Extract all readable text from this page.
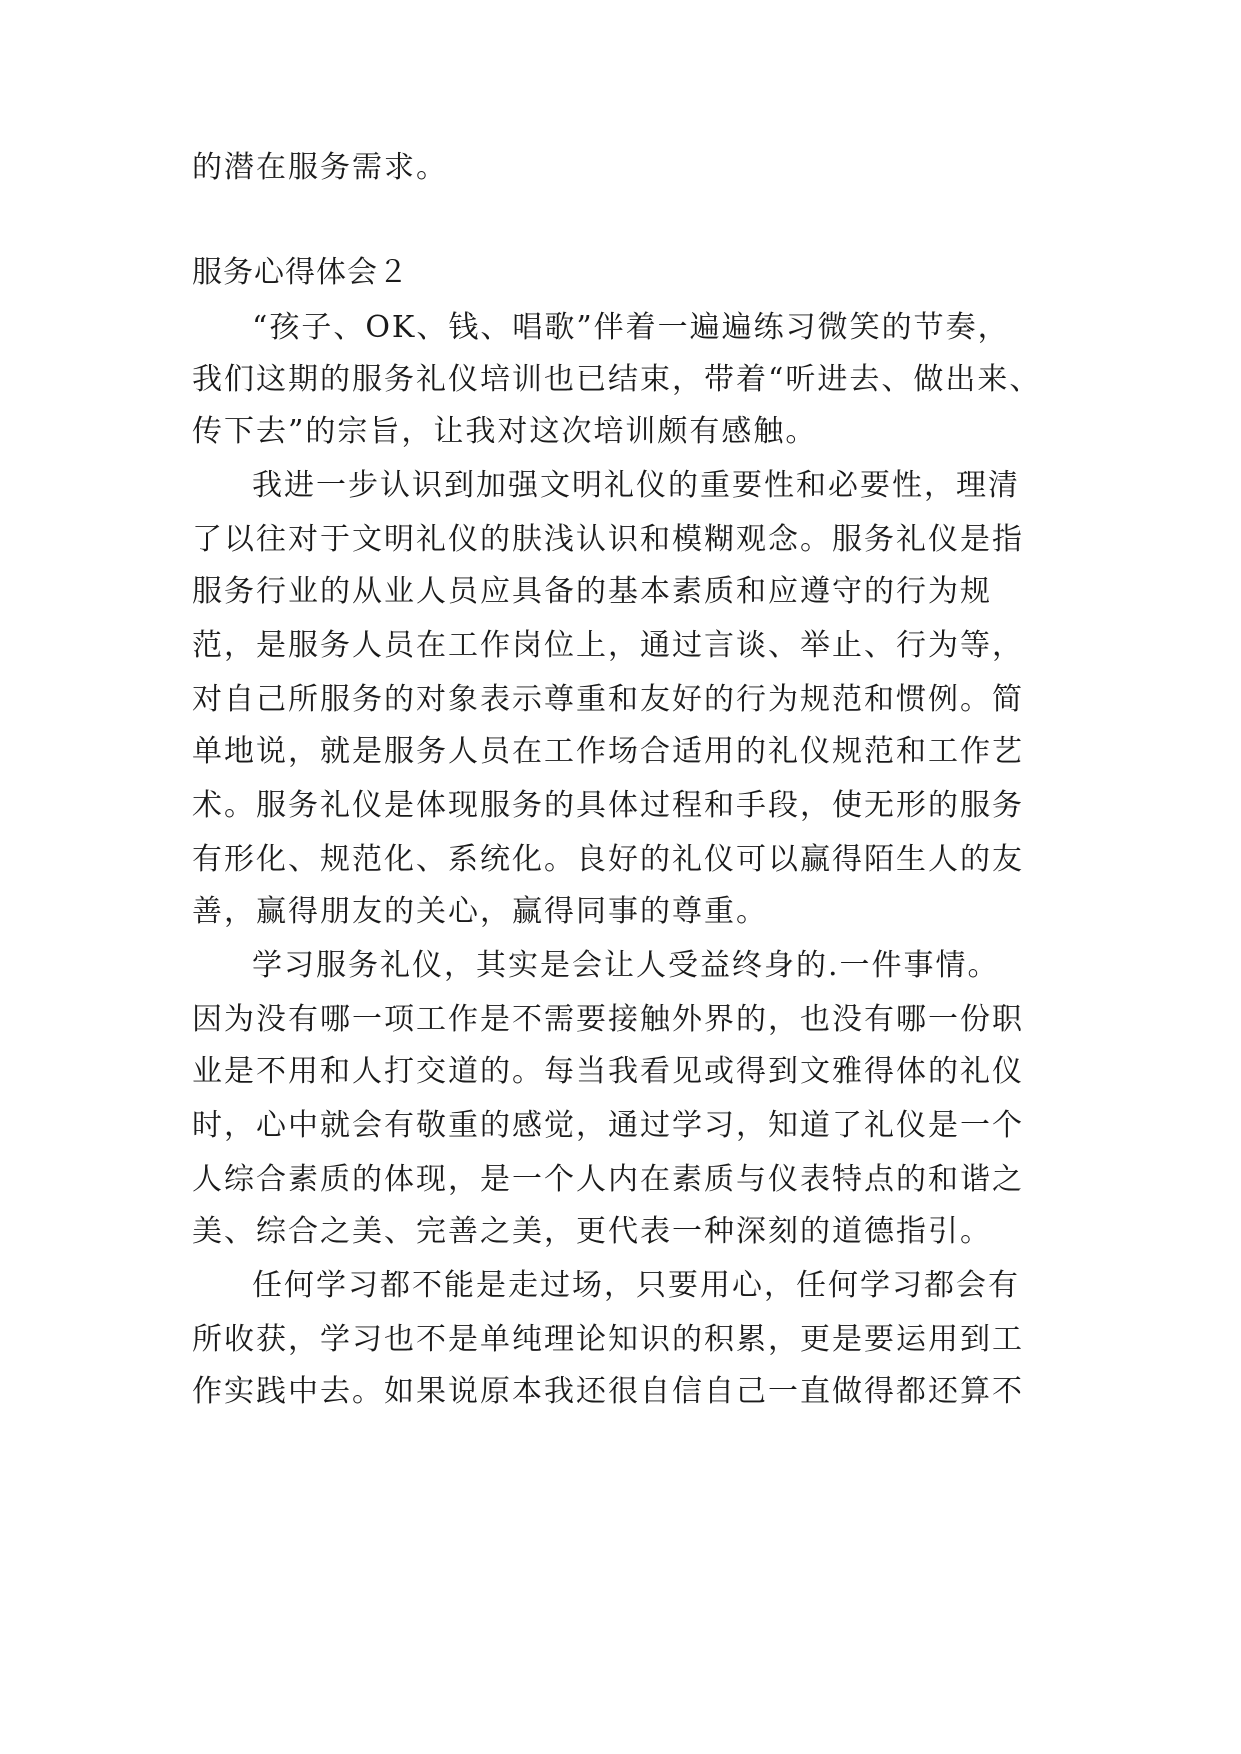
的潜在服务需求。
服务心得体会２
“孩子、OK、钱、唱歌”伴着一遍遍练习微笑的节奏，
我们这期的服务礼仪培训也已结束，带着“听进去、做出来、
传下去”的宗旨，让我对这次培训颇有感触。
我进一步认识到加强文明礼仪的重要性和必要性，理清
了以往对于文明礼仪的肤浅认识和模糊观念。服务礼仪是指
服务行业的从业人员应具备的基本素质和应遵守的行为规
范，是服务人员在工作岗位上，通过言谈、举止、行为等，
对自己所服务的对象表示尊重和友好的行为规范和惯例。简
单地说，就是服务人员在工作场合适用的礼仪规范和工作艺
术。服务礼仪是体现服务的具体过程和手段，使无形的服务
有形化、规范化、系统化。良好的礼仪可以赢得陌生人的友
善，赢得朋友的关心，赢得同事的尊重。
学习服务礼仪，其实是会让人受益终身的.一件事情。
因为没有哪一项工作是不需要接触外界的，也没有哪一份职
业是不用和人打交道的。每当我看见或得到文雅得体的礼仪
时，心中就会有敬重的感觉，通过学习，知道了礼仪是一个
人综合素质的体现，是一个人内在素质与仪表特点的和谐之
美、综合之美、完善之美，更代表一种深刻的道德指引。
任何学习都不能是走过场，只要用心，任何学习都会有
所收获，学习也不是单纯理论知识的积累，更是要运用到工
作实践中去。如果说原本我还很自信自己一直做得都还算不
